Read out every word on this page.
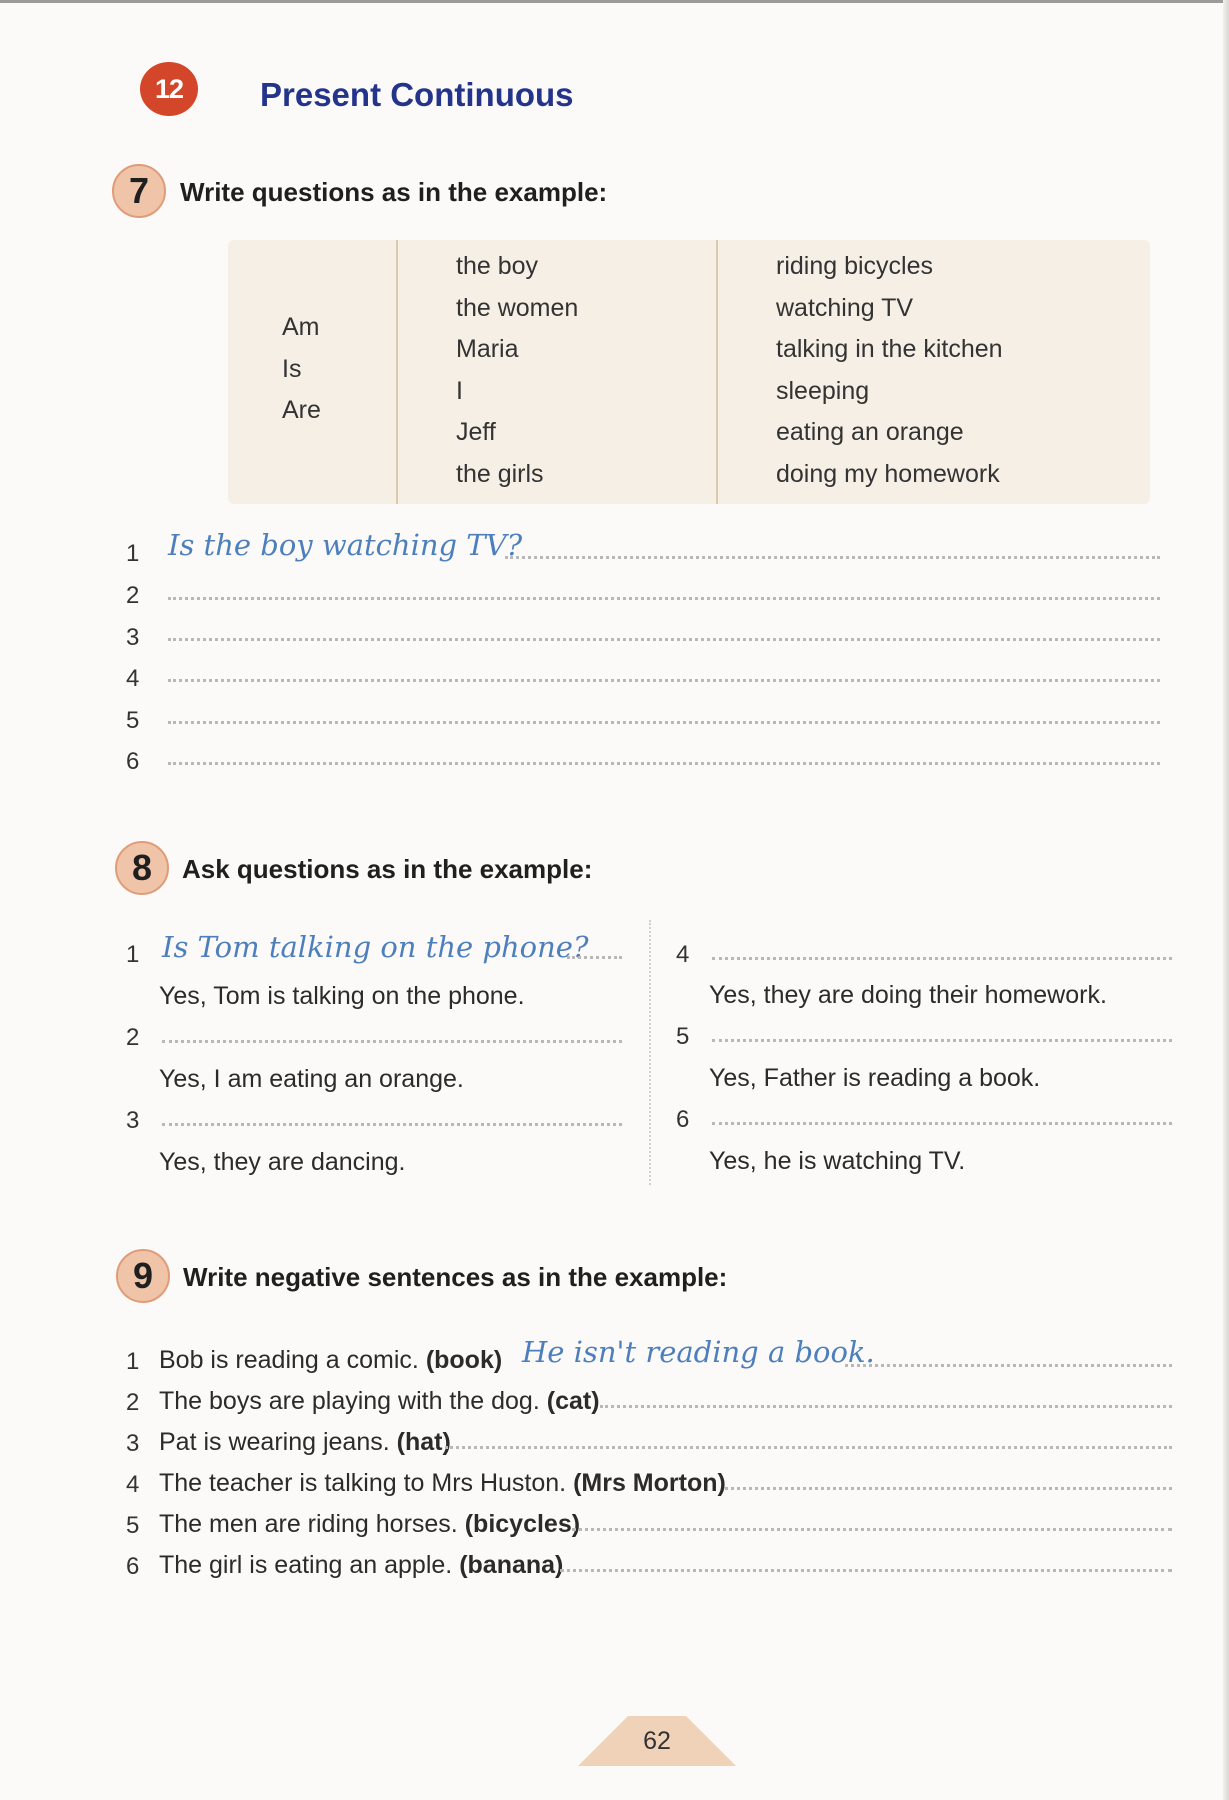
12 Present Continuous
7 Write questions as in the example:
Am
Is
Are
the boy
the women
Maria
I
Jeff
the girls
riding bicycles
watching TV
talking in the kitchen
sleeping
eating an orange
doing my homework
1 Is the boy watching TV?
2
3
4
5
6
8 Ask questions as in the example:
1 Is Tom talking on the phone?
Yes, Tom is talking on the phone.
2
Yes, I am eating an orange.
3
Yes, they are dancing.
4
Yes, they are doing their homework.
5
Yes, Father is reading a book.
6
Yes, he is watching TV.
9 Write negative sentences as in the example:
1 Bob is reading a comic. (book) He isn't reading a book.
2 The boys are playing with the dog. (cat)
3 Pat is wearing jeans. (hat)
4 The teacher is talking to Mrs Huston. (Mrs Morton)
5 The men are riding horses. (bicycles)
6 The girl is eating an apple. (banana)
62
